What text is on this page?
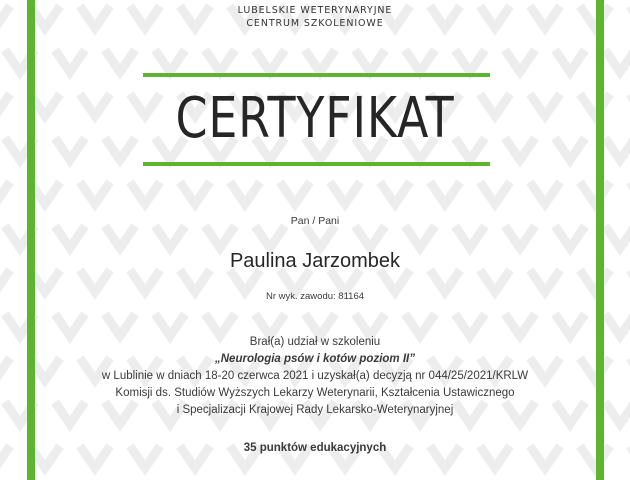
LUBELSKIE WETERYNARYJNE
CENTRUM SZKOLENIOWE
CERTYFIKAT
Pan / Pani
Paulina Jarzombek
Nr wyk. zawodu: 81164
Brał(a) udział w szkoleniu
„Neurologia psów i kotów poziom II”
w Lublinie w dniach 18-20 czerwca 2021 i uzyskał(a) decyzją nr 044/25/2021/KRLW
Komisji ds. Studiów Wyższych Lekarzy Weterynarii, Kształcenia Ustawicznego
i Specjalizacji Krajowej Rady Lekarsko-Weterynaryjnej
35 punktów edukacyjnych
